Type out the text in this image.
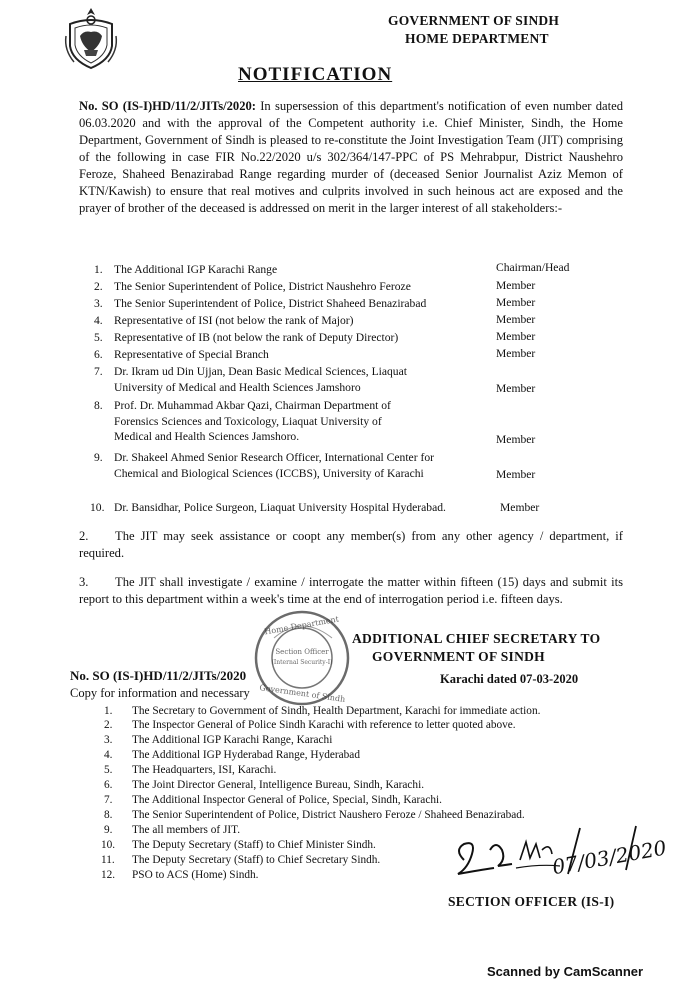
GOVERNMENT OF SINDH
HOME DEPARTMENT
NOTIFICATION
No. SO (IS-I)HD/11/2/JITs/2020: In supersession of this department's notification of even number dated 06.03.2020 and with the approval of the Competent authority i.e. Chief Minister, Sindh, the Home Department, Government of Sindh is pleased to re-constitute the Joint Investigation Team (JIT) comprising of the following in case FIR No.22/2020 u/s 302/364/147-PPC of PS Mehrabpur, District Naushehro Feroze, Shaheed Benazirabad Range regarding murder of (deceased Senior Journalist Aziz Memon of KTN/Kawish) to ensure that real motives and culprits involved in such heinous act are exposed and the prayer of brother of the deceased is addressed on merit in the larger interest of all stakeholders:-
1. The Additional IGP Karachi Range	Chairman/Head
2. The Senior Superintendent of Police, District Naushehro Feroze	Member
3. The Senior Superintendent of Police, District Shaheed Benazirabad	Member
4. Representative of ISI (not below the rank of Major)	Member
5. Representative of IB (not below the rank of Deputy Director)	Member
6. Representative of Special Branch	Member
7. Dr. Ikram ud Din Ujjan, Dean Basic Medical Sciences, Liaquat University of Medical and Health Sciences Jamshoro	Member
8. Prof. Dr. Muhammad Akbar Qazi, Chairman Department of Forensics Sciences and Toxicology, Liaquat University of Medical and Health Sciences Jamshoro.	Member
9. Dr. Shakeel Ahmed Senior Research Officer, International Center for Chemical and Biological Sciences (ICCBS), University of Karachi	Member
10. Dr. Bansidhar, Police Surgeon, Liaquat University Hospital Hyderabad.	Member
2.	The JIT may seek assistance or coopt any member(s) from any other agency / department, if required.
3.	The JIT shall investigate / examine / interrogate the matter within fifteen (15) days and submit its report to this department within a week's time at the end of interrogation period i.e. fifteen days.
Home Department
Section Officer
(Internal Security-I)
Government of Sindh
ADDITIONAL CHIEF SECRETARY TO
GOVERNMENT OF SINDH
No. SO (IS-I)HD/11/2/JITs/2020	Karachi dated 07-03-2020
Copy for information and necessary
1. The Secretary to Government of Sindh, Health Department, Karachi for immediate action.
2. The Inspector General of Police Sindh Karachi with reference to letter quoted above.
3. The Additional IGP Karachi Range, Karachi
4. The Additional IGP Hyderabad Range, Hyderabad
5. The Headquarters, ISI, Karachi.
6. The Joint Director General, Intelligence Bureau, Sindh, Karachi.
7. The Additional Inspector General of Police, Special, Sindh, Karachi.
8. The Senior Superintendent of Police, District Naushero Feroze / Shaheed Benazirabad.
9. The all members of JIT.
10. The Deputy Secretary (Staff) to Chief Minister Sindh.
11. The Deputy Secretary (Staff) to Chief Secretary Sindh.
12. PSO to ACS (Home) Sindh.	07/03/2020
SECTION OFFICER (IS-I)
Scanned by CamScanner
